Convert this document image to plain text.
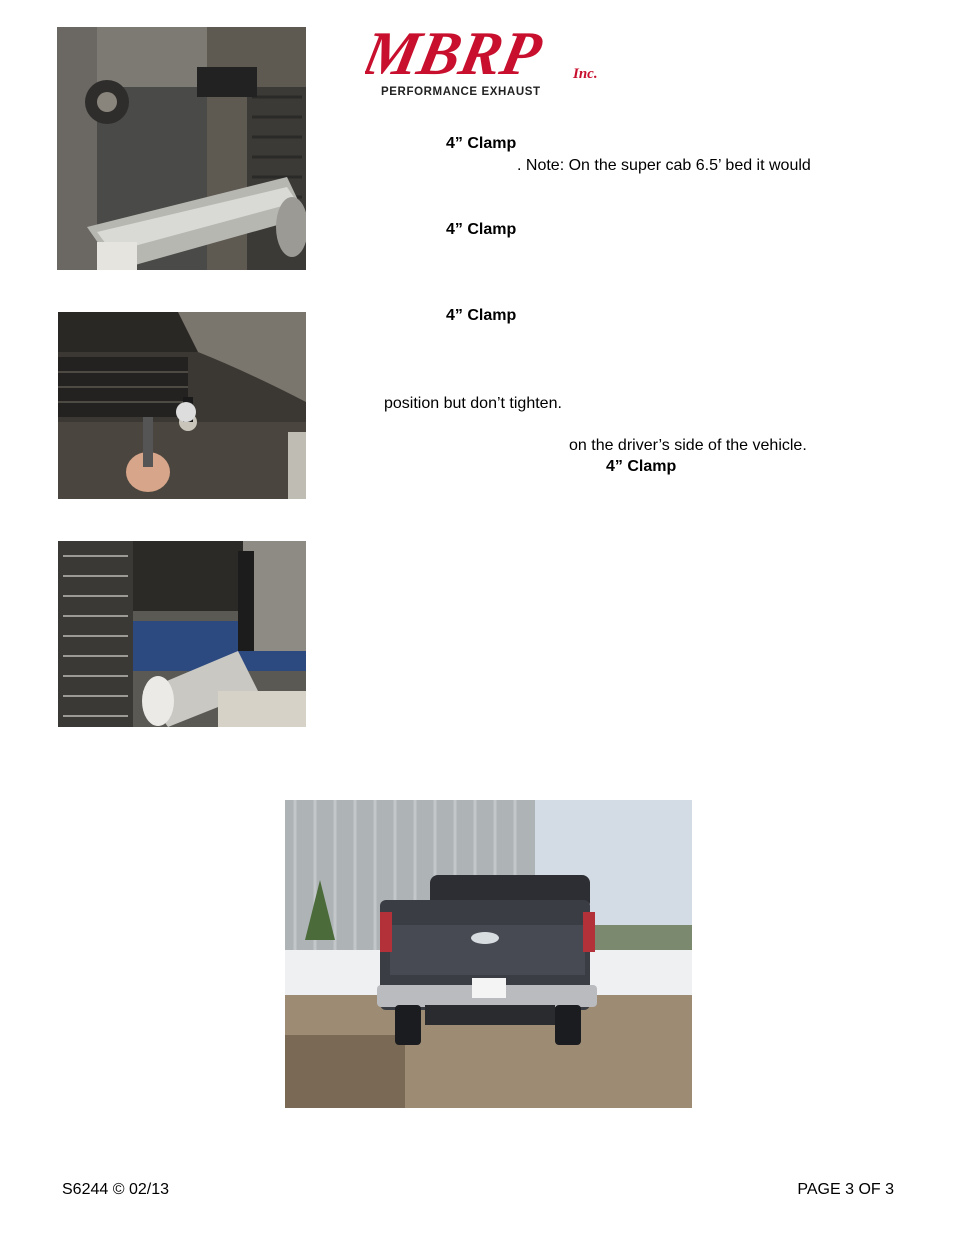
MBRP Inc.
PERFORMANCE EXHAUST
4” Clamp
. Note: On the super cab 6.5’ bed it would
4” Clamp
4” Clamp
position but don’t tighten.
on the driver’s side of the vehicle.
4” Clamp
S6244 © 02/13	PAGE 3 OF 3
